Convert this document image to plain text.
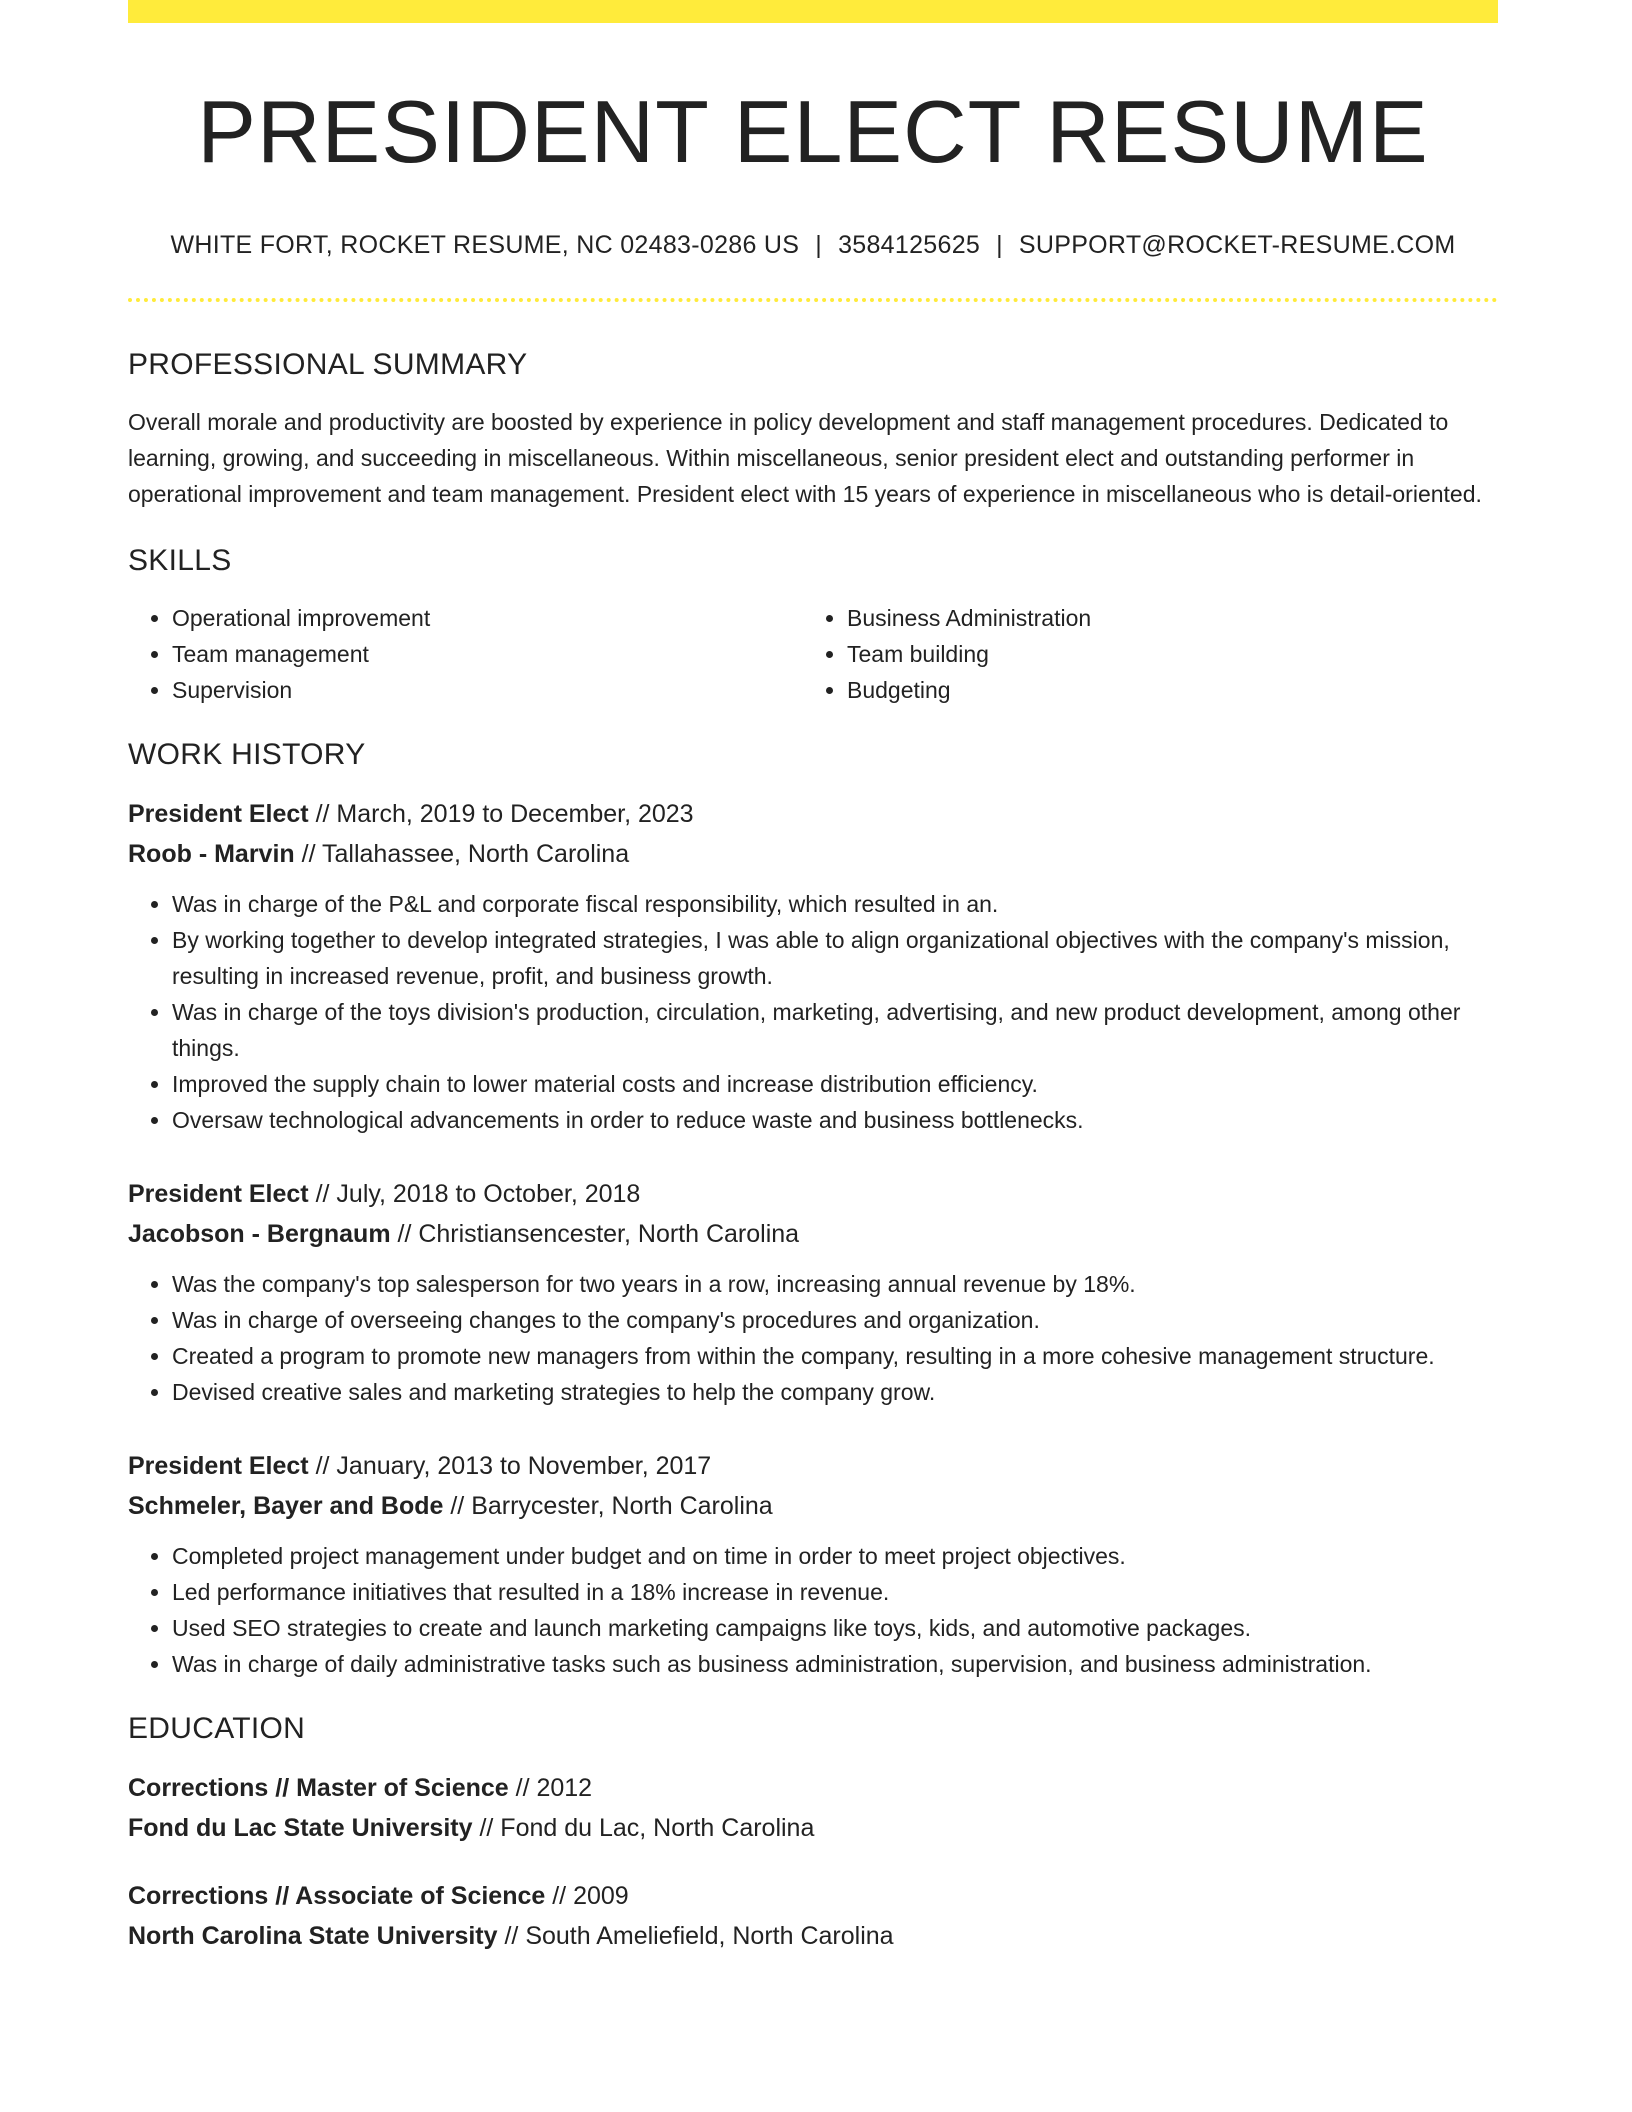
PRESIDENT ELECT RESUME
WHITE FORT, ROCKET RESUME, NC 02483-0286 US | 3584125625 | SUPPORT@ROCKET-RESUME.COM
PROFESSIONAL SUMMARY
Overall morale and productivity are boosted by experience in policy development and staff management procedures. Dedicated to learning, growing, and succeeding in miscellaneous. Within miscellaneous, senior president elect and outstanding performer in operational improvement and team management. President elect with 15 years of experience in miscellaneous who is detail-oriented.
SKILLS
• Operational improvement
• Team management
• Supervision
• Business Administration
• Team building
• Budgeting
WORK HISTORY
President Elect // March, 2019 to December, 2023
Roob - Marvin // Tallahassee, North Carolina
• Was in charge of the P&L and corporate fiscal responsibility, which resulted in an.
• By working together to develop integrated strategies, I was able to align organizational objectives with the company's mission, resulting in increased revenue, profit, and business growth.
• Was in charge of the toys division's production, circulation, marketing, advertising, and new product development, among other things.
• Improved the supply chain to lower material costs and increase distribution efficiency.
• Oversaw technological advancements in order to reduce waste and business bottlenecks.
President Elect // July, 2018 to October, 2018
Jacobson - Bergnaum // Christiansencester, North Carolina
• Was the company's top salesperson for two years in a row, increasing annual revenue by 18%.
• Was in charge of overseeing changes to the company's procedures and organization.
• Created a program to promote new managers from within the company, resulting in a more cohesive management structure.
• Devised creative sales and marketing strategies to help the company grow.
President Elect // January, 2013 to November, 2017
Schmeler, Bayer and Bode // Barrycester, North Carolina
• Completed project management under budget and on time in order to meet project objectives.
• Led performance initiatives that resulted in a 18% increase in revenue.
• Used SEO strategies to create and launch marketing campaigns like toys, kids, and automotive packages.
• Was in charge of daily administrative tasks such as business administration, supervision, and business administration.
EDUCATION
Corrections // Master of Science // 2012
Fond du Lac State University // Fond du Lac, North Carolina
Corrections // Associate of Science // 2009
North Carolina State University // South Ameliefield, North Carolina
